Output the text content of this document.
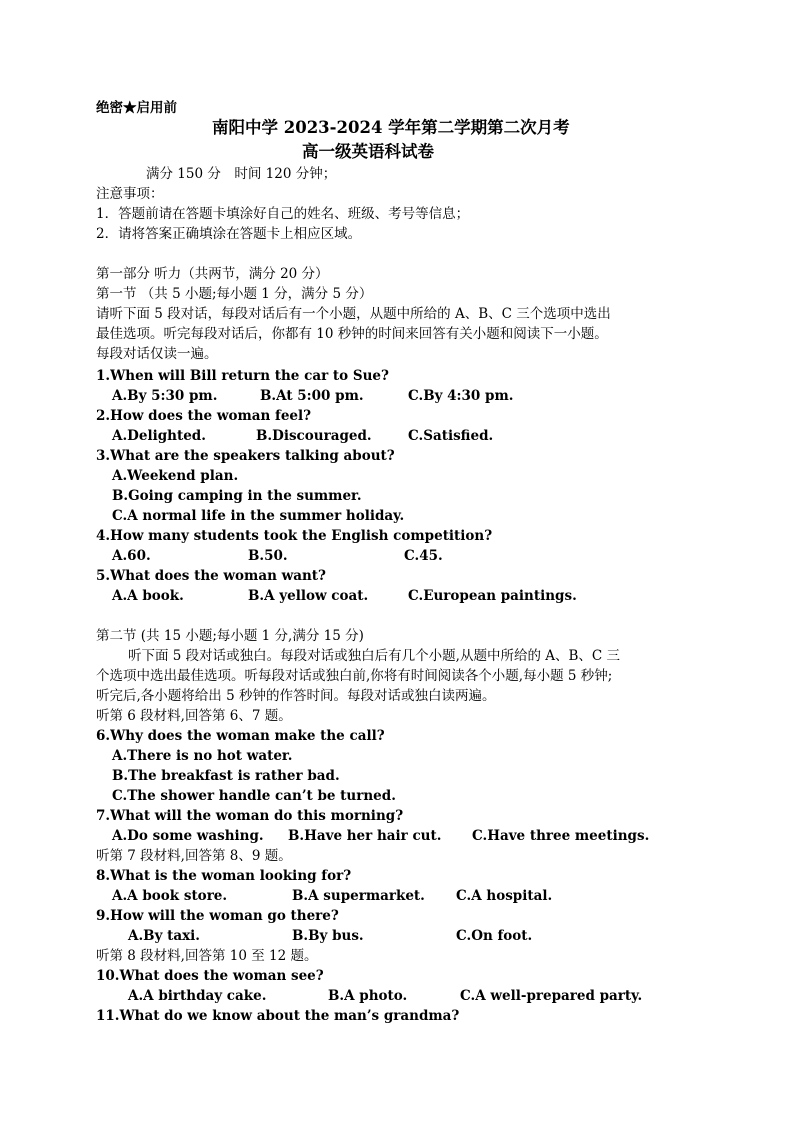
绝密★启用前
南阳中学 2023-2024 学年第二学期第二次月考
高一级英语科试卷
满分 150 分　时间 120 分钟；
注意事项：
1．答题前请在答题卡填涂好自己的姓名、班级、考号等信息；
2．请将答案正确填涂在答题卡上相应区域。
第一部分 听力（共两节，满分 20 分）
第一节 （共 5 小题;每小题 1 分，满分 5 分）
请听下面 5 段对话，每段对话后有一个小题，从题中所给的 A、B、C 三个选项中选出
最佳选项。听完每段对话后，你都有 10 秒钟的时间来回答有关小题和阅读下一小题。
每段对话仅读一遍。
1.When will Bill return the car to Sue?
A.By 5:30 pm.	B.At 5:00 pm.	C.By 4:30 pm.
2.How does the woman feel?
A.Delighted.	B.Discouraged.	C.Satisfied.
3.What are the speakers talking about?
A.Weekend plan.
B.Going camping in the summer.
C.A normal life in the summer holiday.
4.How many students took the English competition?
A.60.	B.50.	C.45.
5.What does the woman want?
A.A book.	B.A yellow coat.	C.European paintings.
第二节 (共 15 小题;每小题 1 分,满分 15 分)
听下面 5 段对话或独白。每段对话或独白后有几个小题,从题中所给的 A、B、C 三
个选项中选出最佳选项。听每段对话或独白前,你将有时间阅读各个小题,每小题 5 秒钟;
听完后,各小题将给出 5 秒钟的作答时间。每段对话或独白读两遍。
听第 6 段材料,回答第 6、7 题。
6.Why does the woman make the call?
A.There is no hot water.
B.The breakfast is rather bad.
C.The shower handle can’t be turned.
7.What will the woman do this morning?
A.Do some washing. B.Have her hair cut. C.Have three meetings.
听第 7 段材料,回答第 8、9 题。
8.What is the woman looking for?
A.A book store.	B.A supermarket. C.A hospital.
9.How will the woman go there?
A.By taxi.	B.By bus.	C.On foot.
听第 8 段材料,回答第 10 至 12 题。
10.What does the woman see?
A.A birthday cake.	B.A photo.	C.A well-prepared party.
11.What do we know about the man’s grandma?
